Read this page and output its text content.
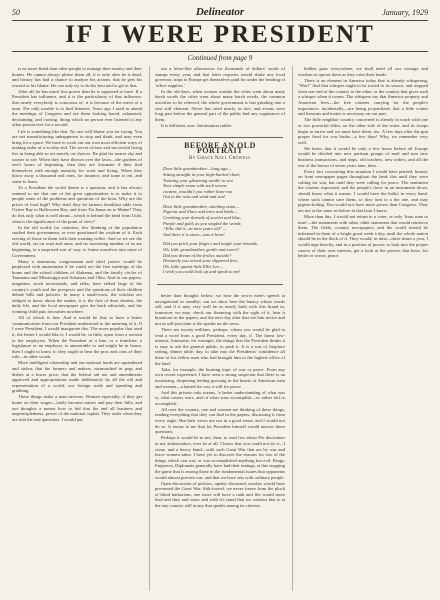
50	Delineator	January, 1929
IF I WERE PRESIDENT
Continued from page 9

is no more fitted than other people to manage their money and their homes. He cannot always please them all; it is only after he is dead, and history has had a chance to analyze his actions, that he gets his reward or his blame. He can only try to do his best and to get at that.

After all, he has much less power than he is supposed to have. If a President has influence, and it is the particularity of that influence, that nearly everybody is conscious of, it is because of the merit of a man. The only trouble is to find listeners. Years ago I used to attend the meetings of Congress and see them looking bored, exhausted, declaiming, and cursing, doing which no person ever listened to any other person ever for a second.

Life is something like that. No one will blame you for trying. You are not manufacturing unhappiness to stop and think, and may even bring for a space. We have to work out our own most efficient ways of making order of a worthy end. The secret of ease and successful living lies in being able to act merely on choices. Be glad for nearer sky and sooner to see. When they have thrown over the lawn—the gardens of one's hours of beginning, then they are fortunate if they find themselves with enough maturity for work and living. When they throw away a thousand real ones, for instance, and some to eat, and some to learn.

To a President the world theme is a question, and it has always seemed to me that one of the great opportunities is to make it to people some of the problems and questions of the hour. Why are the prices of food high? Why don't they let farmers breakfast table from Oyster Bay to Halloween Bay, and from Tia Juana on to Maine? They do this only what is well about—which is behind the head from Utah, what is the significance of the point of view?

In the old world, for centuries, few thinking of the population studied their government, or ever questioned the wisdom of it. Each serving of those in them with their toasting coffee. And so we see the old world, set on road and arms, and its increasing number of us are beginning, in a surprised sort of way, to frame ourselves into more of Government.

Many a statesman, congressman and chief justice would be perplexed with amazement if he could see the first meetings of the home and the school children of Alabama, and the family circles of Tasmania and Mississippi and Arkansas and Ohio. And in our papers, magazine, stock newsstands, and talks; have talked large of the country's youth and the prospects and the questions of their children debate bills and policies. In many a small-town, the scholars are obliged to know about the matter, it is the first of their dreams, the daily life, and the local newspaper give the back editorials, and the winning child puts favourites nowhere.

All of which is fine. And it would be fine to have a better communication from our President understood to the meaning of it. If I were President, I would inaugurate this. The more popular that used it, the better I would like it; I would be, in little, apart from a servant to her employers. When the President of a line, or a franchise, a legislature or an employer, is answerable to and might be in honor, then I ought to know it; they ought to hear the pros and cons of their rule—in other words.

More intelligent citizenship and our national funds are squandered and stolen; that the farmers and makers, mismatched in pegs and dishes at a lower price; that the federal aid not and amendments approved and appropriations made deliberately by all the old and representation of a world, our foreign trade and spending and grabbing.

These things make a man nervous. Women especially, if they get home on their wages—lately become nurses and pay their bills, and our thoughts a means how to bid that the and all business and unprincipledness, power of the national capital. They settle when they are told the real questions. I would put

out a letter-like allowances for thousands of dollars' worth of stamps every year, and that letter requests would shake any local governor, traps to Europe get themselves paid for under the heading of 'office supplies.'

In the old days, when women outside the cities went about many harsh words the cities went about many harsh words, the common activities to be relieved, the whole government is fast grinding into a vast stiff element. Never has cried nearly, in fact, and events were long past before the general part of the public had any cognizance of them.

It is different, now. Information rattles

BEFORE AN OLD PORTRAIT
By Grace Noll Crowell
Dear little grandmother—long ago—
Sitting straight in your high-backed chair,
Twisting your glistening needle to sew
Your simple seam with such serene
content, wouldn't you rather have run
Out in the rain and wind and sun!
Dear little grandmother, stitching seam—
Pigeons and lilacs and trees and birds—
Crooking your threads of scarlet and blue,
Purple and gold, as you singled the words:
“Ellie did it—at nine years old”—
And there it is stain—was it bore!
Did you prick your fingers and tangle your threads,
Oh, little grandmother, gentle and sweet?
Did you dream of the frolics outside?
Demurely you sewed your slippered feet,
Oh, little quaint little Ellie Lee—
I wish you could look up and speak to me!

better than thought; below; we hear the secret men's speech at navagational as steadily; can we show here the lunacy whose words sell, and if it may very well be as nearly built with this brand in, tomorrow we may, check our financing with the sight of it, hear it broadcast in the papers, and the next day after that see him notice and not as self-proclaim is the speaks on the news.

There are twenty millions, perhaps, whom you would be glad to read a word from a good President, every day, if. The finest low-interest, lonesome, for example, the things that the President thinks it is easy to ask the general public, to push it. It is a sort of fireplace setting, dinner table, day, to take into the Presidents' confidence all these of his fellow men who had brought him to the highest office of the land.

Take, for example, the burning topic of war or peace. From any own recent experience I have seen a strong suspicion that there is an increasing, deepening feeling growing in the hearts of American men and women—a hatred for war, a will for peace.

And this private only means, 'a better understanding of what war is, what causes wars, and of what wars accomplish—or rather fail to accomplish.'

All over the country, one and women are thinking of these things, reading everything that they can find in the papers, discussing it from every angle. But their views are not in a good sense, and I would not do so. It seems to me that for President himself would answer these questions.

Perhaps it would be to me, then, to read few about Pre disclaimer to my ambassadors, ever be at all. I know that you could not do it—I come, and a heavy hand—with such Great War that are by war and leave women saber. I have yet to discover the reasons for two of the things which can war, or war accomplished anything but evil. Kings, Emperors, Diplomats generally have had their innings, at this stopping the game that is among those in the fundamental issues that opponents would almost prevent war, and that we have sets with ordinary people.

Open discussion of policies, openly discussed, insofar; would have prevented the Great War. Stilt-footed, we never freeze from the pluck of blind barbarians, one more will have a rank and file would more lead and they and wiser and with it's stand that we conduct that is at the any country still at any that speaks among its citizens.

hidden guns everywhere, we shall need all our courage and wisdom to uproot these as they raise their heads.

There is an element in America today that is already whispering, "War!" And that whisper ought to be traced to its source, and stopped from one end of the country to the other, or the country that gives such a whisper when it comes. The whispers say that America property and American lives—the free citizens carrying for the people's importance, incidentally—are being jeopardized; that a little comes and firearms and toxins is necessary on our part.

The little neighbor country concerned is already in touch with one or two powerful allies, on the other side of the water, and its troops begin to arrive and we must have them, too. A few days after the gun proper fired for war broke—a few days! Why, we remember very well.

We know that it would be only a few hours before all Europe would be divided into new partisan groups of mail and into new business transactions, and ships, old teachers, new orders, and all the rest of the horror of seven years later, then.

Every fact concerning this situation I would have printed, honest, on front newspaper pages throughout the land; this until they were calling for war, but until they were calling for peace. The sentiment the citizens expressed, and the people's favor in an instrument down, should know what it means. I would have the ballot in every hand, where such cannot save them, so they turn to a the one, and may pigeon-holing. You would not have more power than Congress. They are not at the same as before in that hour I know.

More than this, I would not return to a voter, or only 'from time to time'—the statements with other, older statesmen that would reinforce them. The fields, country newspapers, and the world should be informed in them of a bright good week a day, until the whole nation should be in the thick of it. They would, in time—three times a year, I would urge heavily, and in a position of power, to look into the proper source of their own interest, get a look at the powers that have, for better or worse, peace.
